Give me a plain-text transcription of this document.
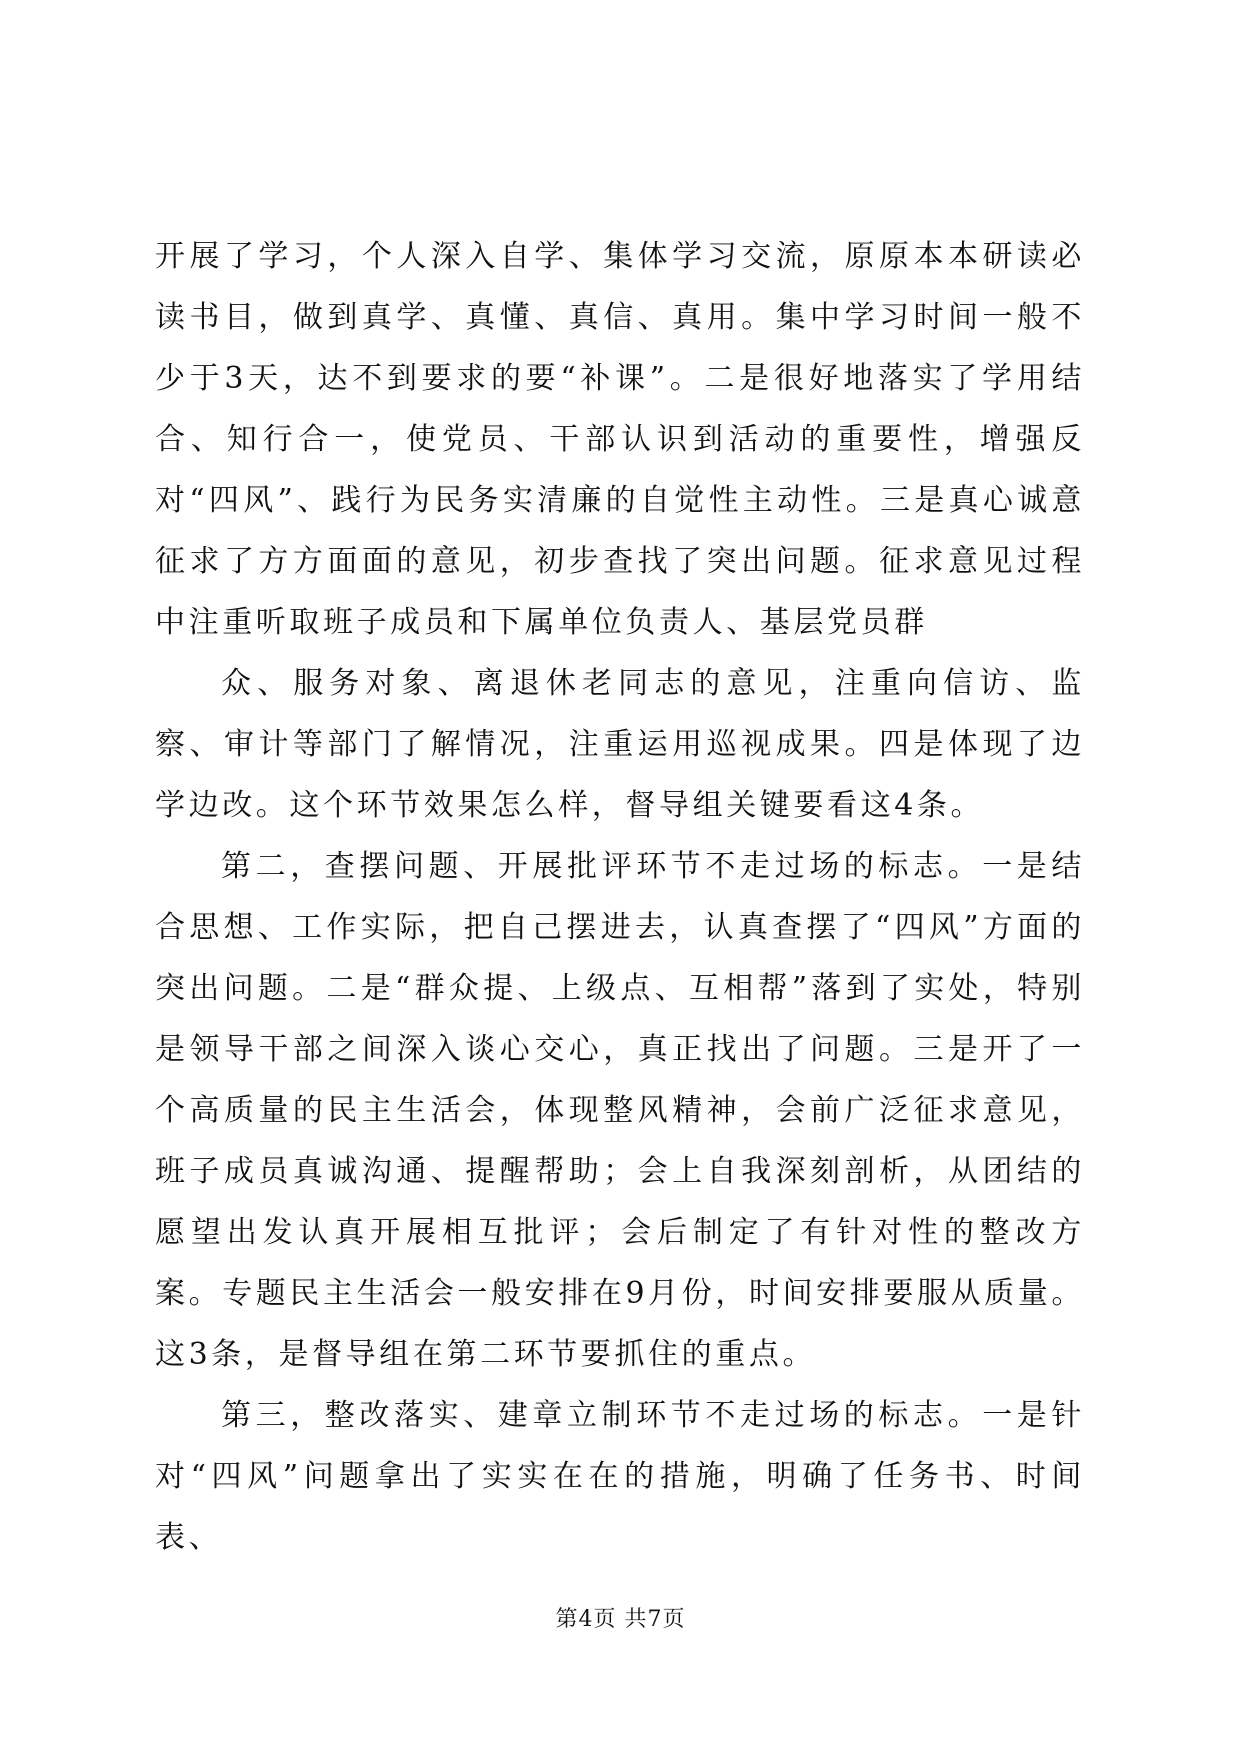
开展了学习，个人深入自学、集体学习交流，原原本本研读必读书目，做到真学、真懂、真信、真用。集中学习时间一般不少于3天，达不到要求的要“补课”。二是很好地落实了学用结合、知行合一，使党员、干部认识到活动的重要性，增强反对“四风”、践行为民务实清廉的自觉性主动性。三是真心诚意征求了方方面面的意见，初步查找了突出问题。征求意见过程中注重听取班子成员和下属单位负责人、基层党员群

众、服务对象、离退休老同志的意见，注重向信访、监察、审计等部门了解情况，注重运用巡视成果。四是体现了边学边改。这个环节效果怎么样，督导组关键要看这4条。

第二，查摆问题、开展批评环节不走过场的标志。一是结合思想、工作实际，把自己摆进去，认真查摆了“四风”方面的突出问题。二是“群众提、上级点、互相帮”落到了实处，特别是领导干部之间深入谈心交心，真正找出了问题。三是开了一个高质量的民主生活会，体现整风精神，会前广泛征求意见，班子成员真诚沟通、提醒帮助；会上自我深刻剖析，从团结的愿望出发认真开展相互批评；会后制定了有针对性的整改方案。专题民主生活会一般安排在9月份，时间安排要服从质量。这3条，是督导组在第二环节要抓住的重点。

第三，整改落实、建章立制环节不走过场的标志。一是针对“四风”问题拿出了实实在在的措施，明确了任务书、时间表、

第4页 共7页
